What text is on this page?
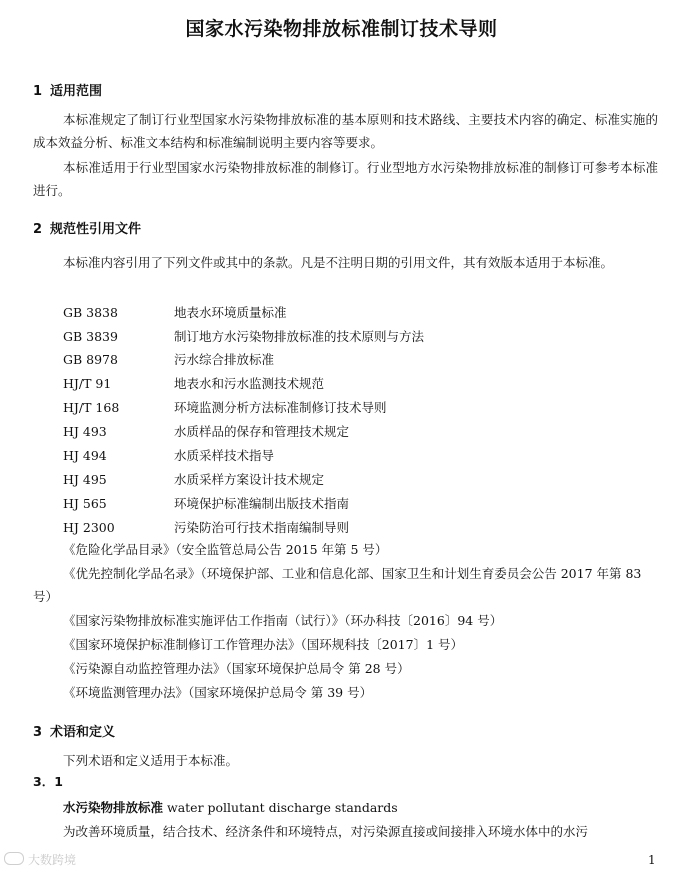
国家水污染物排放标准制订技术导则
1 适用范围
本标准规定了制订行业型国家水污染物排放标准的基本原则和技术路线、主要技术内容的确定、标准实施的成本效益分析、标准文本结构和标准编制说明主要内容等要求。
本标准适用于行业型国家水污染物排放标准的制修订。行业型地方水污染物排放标准的制修订可参考本标准进行。
2 规范性引用文件
本标准内容引用了下列文件或其中的条款。凡是不注明日期的引用文件，其有效版本适用于本标准。
GB 3838	地表水环境质量标准
GB 3839	制订地方水污染物排放标准的技术原则与方法
GB 8978	污水综合排放标准
HJ/T 91	地表水和污水监测技术规范
HJ/T 168	环境监测分析方法标准制修订技术导则
HJ 493	水质样品的保存和管理技术规定
HJ 494	水质采样技术指导
HJ 495	水质采样方案设计技术规定
HJ 565	环境保护标准编制出版技术指南
HJ 2300	污染防治可行技术指南编制导则
《危险化学品目录》（安全监管总局公告 2015 年第 5 号）
《优先控制化学品名录》（环境保护部、工业和信息化部、国家卫生和计划生育委员会公告 2017 年第 83 号）
《国家污染物排放标准实施评估工作指南（试行）》（环办科技〔2016〕94 号）
《国家环境保护标准制修订工作管理办法》（国环规科技〔2017〕1 号）
《污染源自动监控管理办法》（国家环境保护总局令 第 28 号）
《环境监测管理办法》（国家环境保护总局令 第 39 号）
3 术语和定义
下列术语和定义适用于本标准。
3．1
水污染物排放标准 water pollutant discharge standards
为改善环境质量，结合技术、经济条件和环境特点，对污染源直接或间接排入环境水体中的水污
大数跨境	1
